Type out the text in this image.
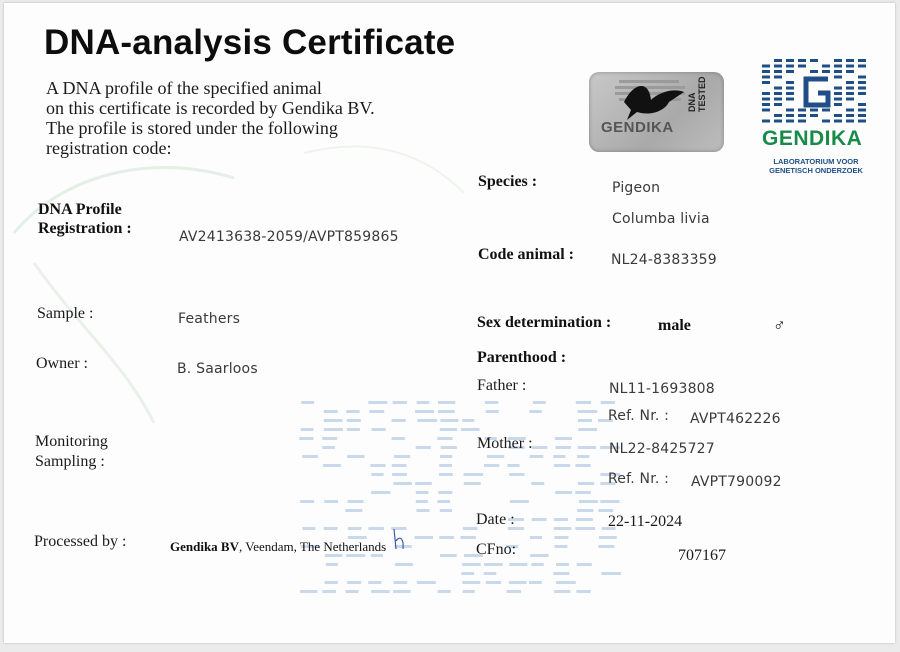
DNA-analysis Certificate
A DNA profile of the specified animal
on this certificate is recorded by Gendika BV.
The profile is stored under the following
registration code:
GENDIKA
DNA TESTED
GENDIKA
LABORATORIUM VOOR
GENETISCH ONDERZOEK
DNA Profile
Registration :	AV2413638-2059/AVPT859865
Sample :	Feathers
Owner :	B. Saarloos
Monitoring
Sampling :
Processed by :	Gendika BV, Veendam, The Netherlands
Species :	Pigeon
Columba livia
Code animal :	NL24-8383359
Sex determination :	male	♂
Parenthood :
Father :	NL11-1693808
Ref. Nr. : AVPT462226
Mother :	NL22-8425727
Ref. Nr. : AVPT790092
Date :	22-11-2024
CFno:	707167
